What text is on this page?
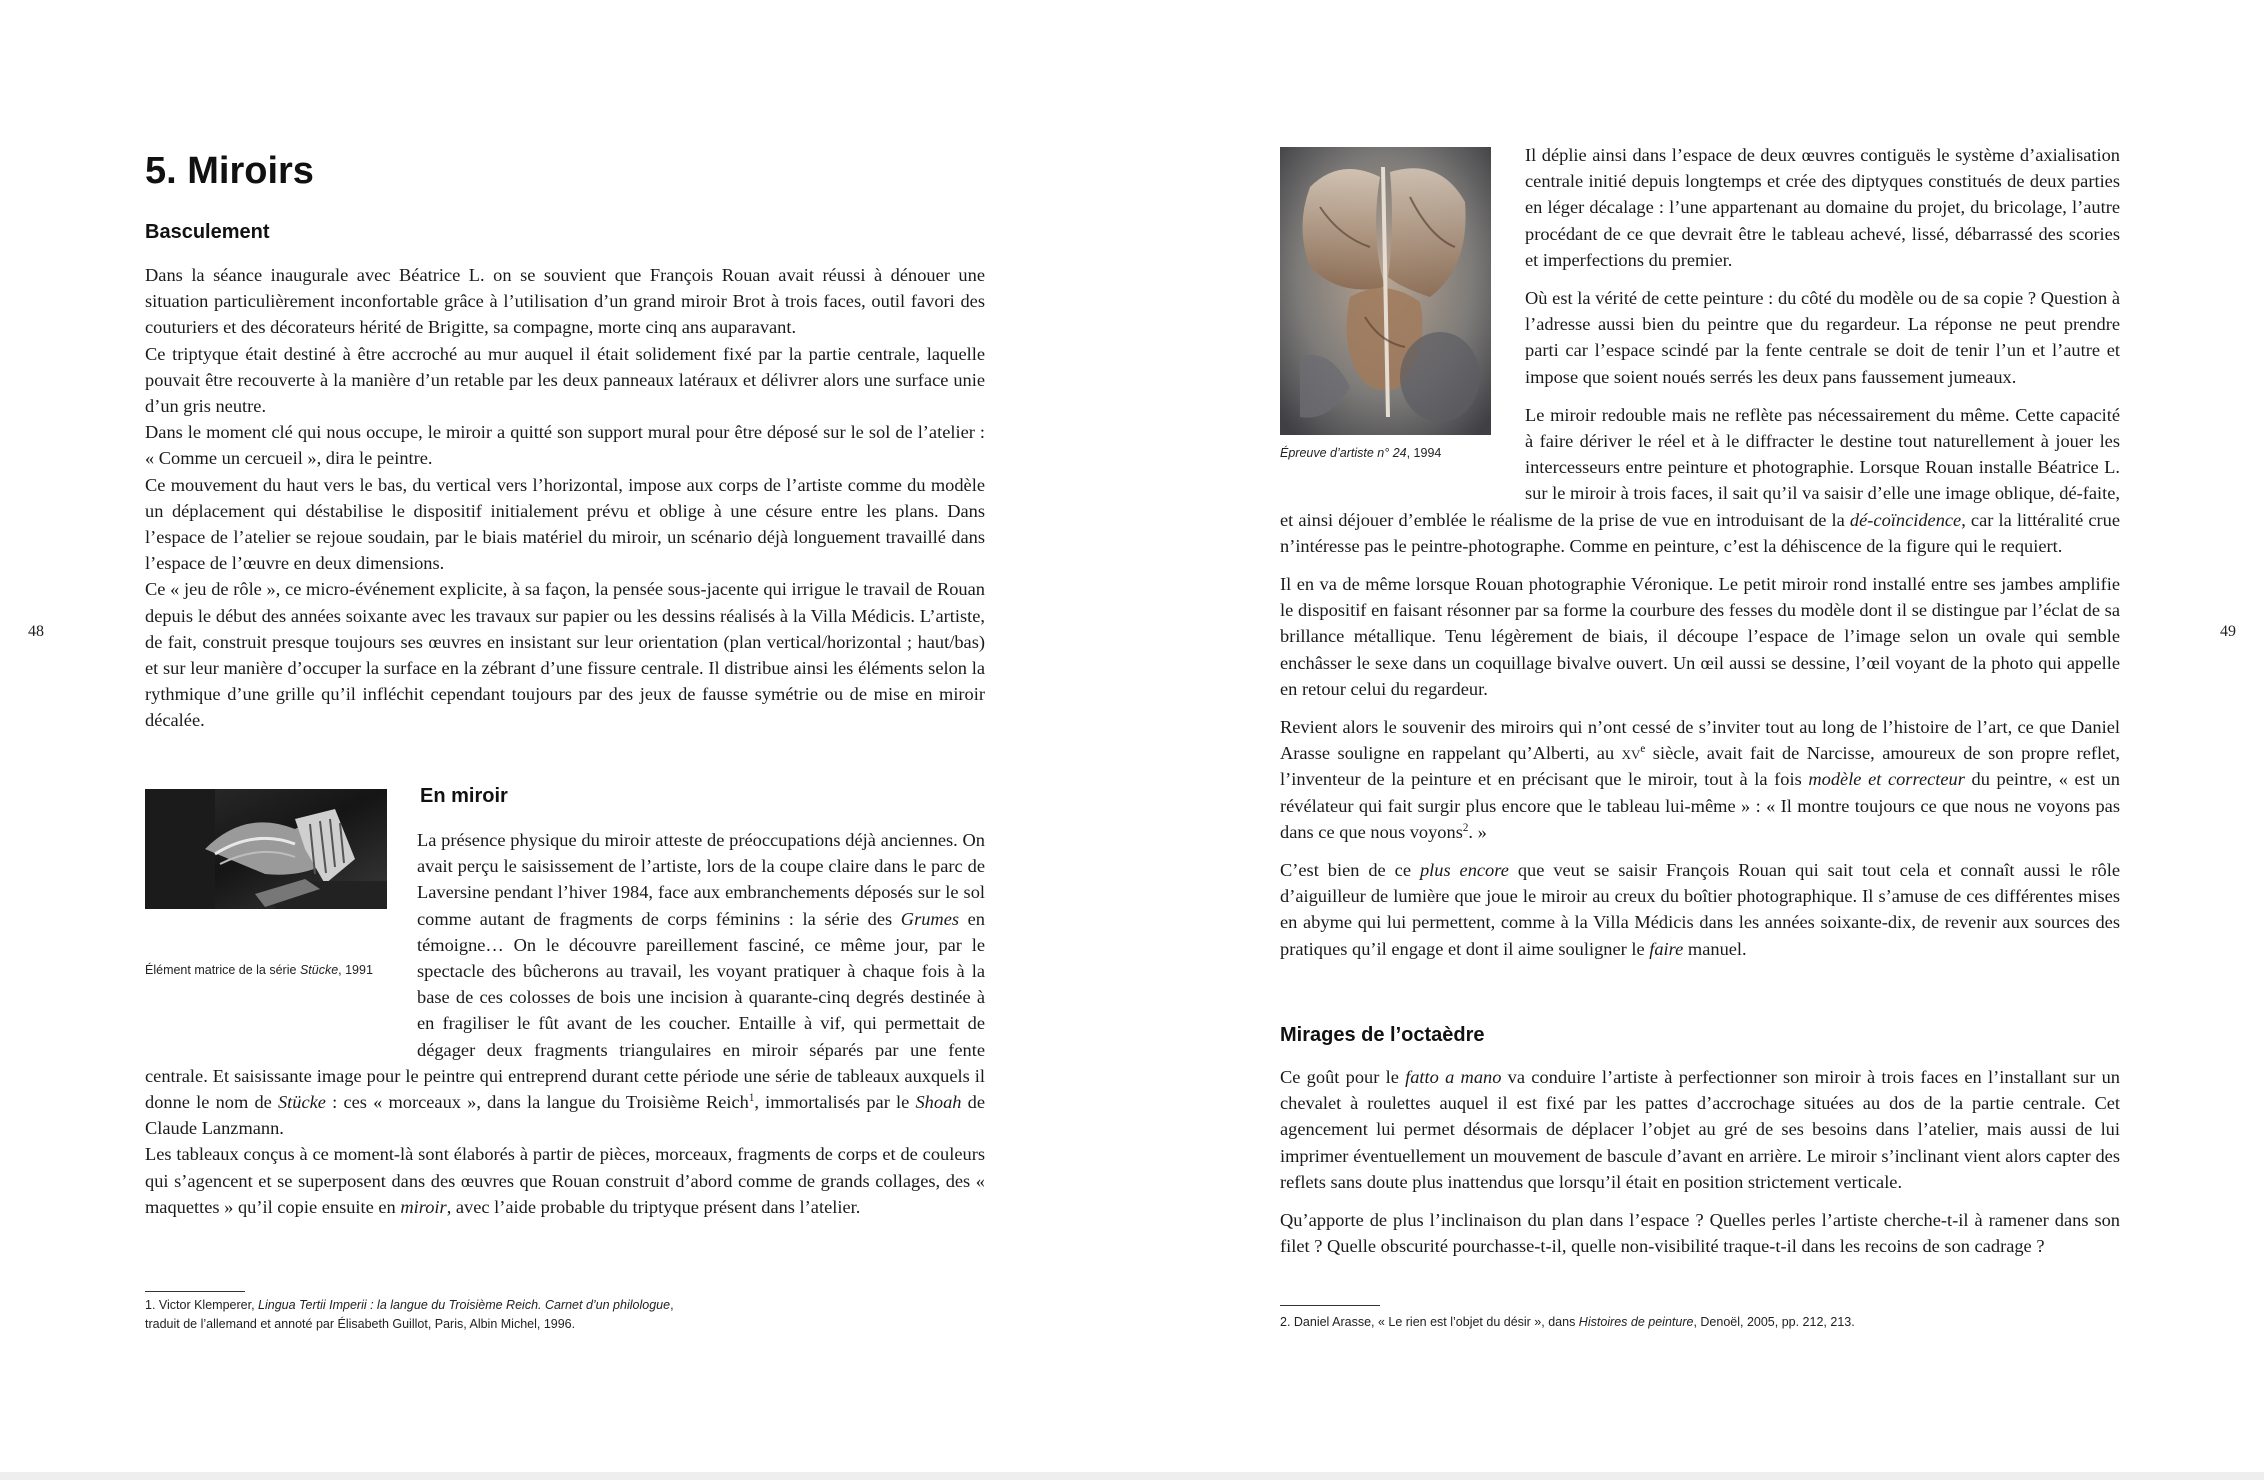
48	49
5. Miroirs
Basculement

Dans la séance inaugurale avec Béatrice L. on se souvient que François Rouan avait réussi à dénouer une situation particulièrement inconfortable grâce à l’utilisation d’un grand miroir Brot à trois faces, outil favori des couturiers et des décorateurs hérité de Brigitte, sa compagne, morte cinq ans auparavant.

Ce triptyque était destiné à être accroché au mur auquel il était solidement fixé par la partie centrale, laquelle pouvait être recouverte à la manière d’un retable par les deux panneaux latéraux et délivrer alors une surface unie d’un gris neutre.

Dans le moment clé qui nous occupe, le miroir a quitté son support mural pour être déposé sur le sol de l’atelier : « Comme un cercueil », dira le peintre.

Ce mouvement du haut vers le bas, du vertical vers l’horizontal, impose aux corps de l’artiste comme du modèle un déplacement qui déstabilise le dispositif initialement prévu et oblige à une césure entre les plans. Dans l’espace de l’atelier se rejoue soudain, par le biais matériel du miroir, un scénario déjà longuement travaillé dans l’espace de l’œuvre en deux dimensions.

Ce « jeu de rôle », ce micro-événement explicite, à sa façon, la pensée sous-jacente qui irrigue le travail de Rouan depuis le début des années soixante avec les travaux sur papier ou les dessins réalisés à la Villa Médicis. L’artiste, de fait, construit presque toujours ses œuvres en insistant sur leur orientation (plan vertical/horizontal ; haut/bas) et sur leur manière d’occuper la surface en la zébrant d’une fissure centrale. Il distribue ainsi les éléments selon la rythmique d’une grille qu’il infléchit cependant toujours par des jeux de fausse symétrie ou de mise en miroir décalée.

En miroir

La présence physique du miroir atteste de préoccupations déjà anciennes. On avait perçu le saisissement de l’artiste, lors de la coupe claire dans le parc de Laversine pendant l’hiver 1984, face aux embranchements déposés sur le sol comme autant de fragments de corps féminins : la série des Grumes en témoigne… On le découvre pareillement fasciné, ce même jour, par le spectacle des bûcherons au travail, les voyant pratiquer à chaque fois à la base de ces colosses de bois une incision à quarante-cinq degrés destinée à en fragiliser le fût avant de les coucher. Entaille à vif, qui permettait de dégager deux fragments triangulaires en miroir séparés par une fente centrale. Et saisissante image pour le peintre qui entreprend durant cette période une série de tableaux auxquels il donne le nom de Stücke : ces « morceaux », dans la langue du Troisième Reich$^1$, immortalisés par le Shoah de Claude Lanzmann.

Les tableaux conçus à ce moment-là sont élaborés à partir de pièces, morceaux, fragments de corps et de couleurs qui s’agencent et se superposent dans des œuvres que Rouan construit d’abord comme de grands collages, des « maquettes » qu’il copie ensuite en miroir, avec l’aide probable du triptyque présent dans l’atelier.

Élément matrice de la série Stücke, 1991
1. Victor Klemperer, Lingua Tertii Imperii : la langue du Troisième Reich. Carnet d’un philologue,
traduit de l’allemand et annoté par Élisabeth Guillot, Paris, Albin Michel, 1996.
Épreuve d’artiste n° 24, 1994

Il déplie ainsi dans l’espace de deux œuvres contiguës le système d’axialisation centrale initié depuis longtemps et crée des diptyques constitués de deux parties en léger décalage : l’une appartenant au domaine du projet, du bricolage, l’autre procédant de ce que devrait être le tableau achevé, lissé, débarrassé des scories et imperfections du premier.

Où est la vérité de cette peinture : du côté du modèle ou de sa copie ? Question à l’adresse aussi bien du peintre que du regardeur. La réponse ne peut prendre parti car l’espace scindé par la fente centrale se doit de tenir l’un et l’autre et impose que soient noués serrés les deux pans faussement jumeaux.

Le miroir redouble mais ne reflète pas nécessairement du même. Cette capacité à faire dériver le réel et à le diffracter le destine tout naturellement à jouer les intercesseurs entre peinture et photographie. Lorsque Rouan installe Béatrice L. sur le miroir à trois faces, il sait qu’il va saisir d’elle une image oblique, dé-faite, et ainsi déjouer d’emblée le réalisme de la prise de vue en introduisant de la dé-coïncidence, car la littéralité crue n’intéresse pas le peintre-photographe. Comme en peinture, c’est la déhiscence de la figure qui le requiert.

Il en va de même lorsque Rouan photographie Véronique. Le petit miroir rond installé entre ses jambes amplifie le dispositif en faisant résonner par sa forme la courbure des fesses du modèle dont il se distingue par l’éclat de sa brillance métallique. Tenu légèrement de biais, il découpe l’espace de l’image selon un ovale qui semble enchâsser le sexe dans un coquillage bivalve ouvert. Un œil aussi se dessine, l’œil voyant de la photo qui appelle en retour celui du regardeur.

Revient alors le souvenir des miroirs qui n’ont cessé de s’inviter tout au long de l’histoire de l’art, ce que Daniel Arasse souligne en rappelant qu’Alberti, au $xv^e$ siècle, avait fait de Narcisse, amoureux de son propre reflet, l’inventeur de la peinture et en précisant que le miroir, tout à la fois modèle et correcteur du peintre, « est un révélateur qui fait surgir plus encore que le tableau lui-même » : « Il montre toujours ce que nous ne voyons pas dans ce que nous voyons$^2$. »

C’est bien de ce plus encore que veut se saisir François Rouan qui sait tout cela et connaît aussi le rôle d’aiguilleur de lumière que joue le miroir au creux du boîtier photographique. Il s’amuse de ces différentes mises en abyme qui lui permettent, comme à la Villa Médicis dans les années soixante-dix, de revenir aux sources des pratiques qu’il engage et dont il aime souligner le faire manuel.

Mirages de l’octaèdre

Ce goût pour le fatto a mano va conduire l’artiste à perfectionner son miroir à trois faces en l’installant sur un chevalet à roulettes auquel il est fixé par les pattes d’accrochage situées au dos de la partie centrale. Cet agencement lui permet désormais de déplacer l’objet au gré de ses besoins dans l’atelier, mais aussi de lui imprimer éventuellement un mouvement de bascule d’avant en arrière. Le miroir s’inclinant vient alors capter des reflets sans doute plus inattendus que lorsqu’il était en position strictement verticale.

Qu’apporte de plus l’inclinaison du plan dans l’espace ? Quelles perles l’artiste cherche-t-il à ramener dans son filet ? Quelle obscurité pourchasse-t-il, quelle non-visibilité traque-t-il dans les recoins de son cadrage ?

2. Daniel Arasse, « Le rien est l’objet du désir », dans Histoires de peinture, Denoël, 2005, pp. 212, 213.
